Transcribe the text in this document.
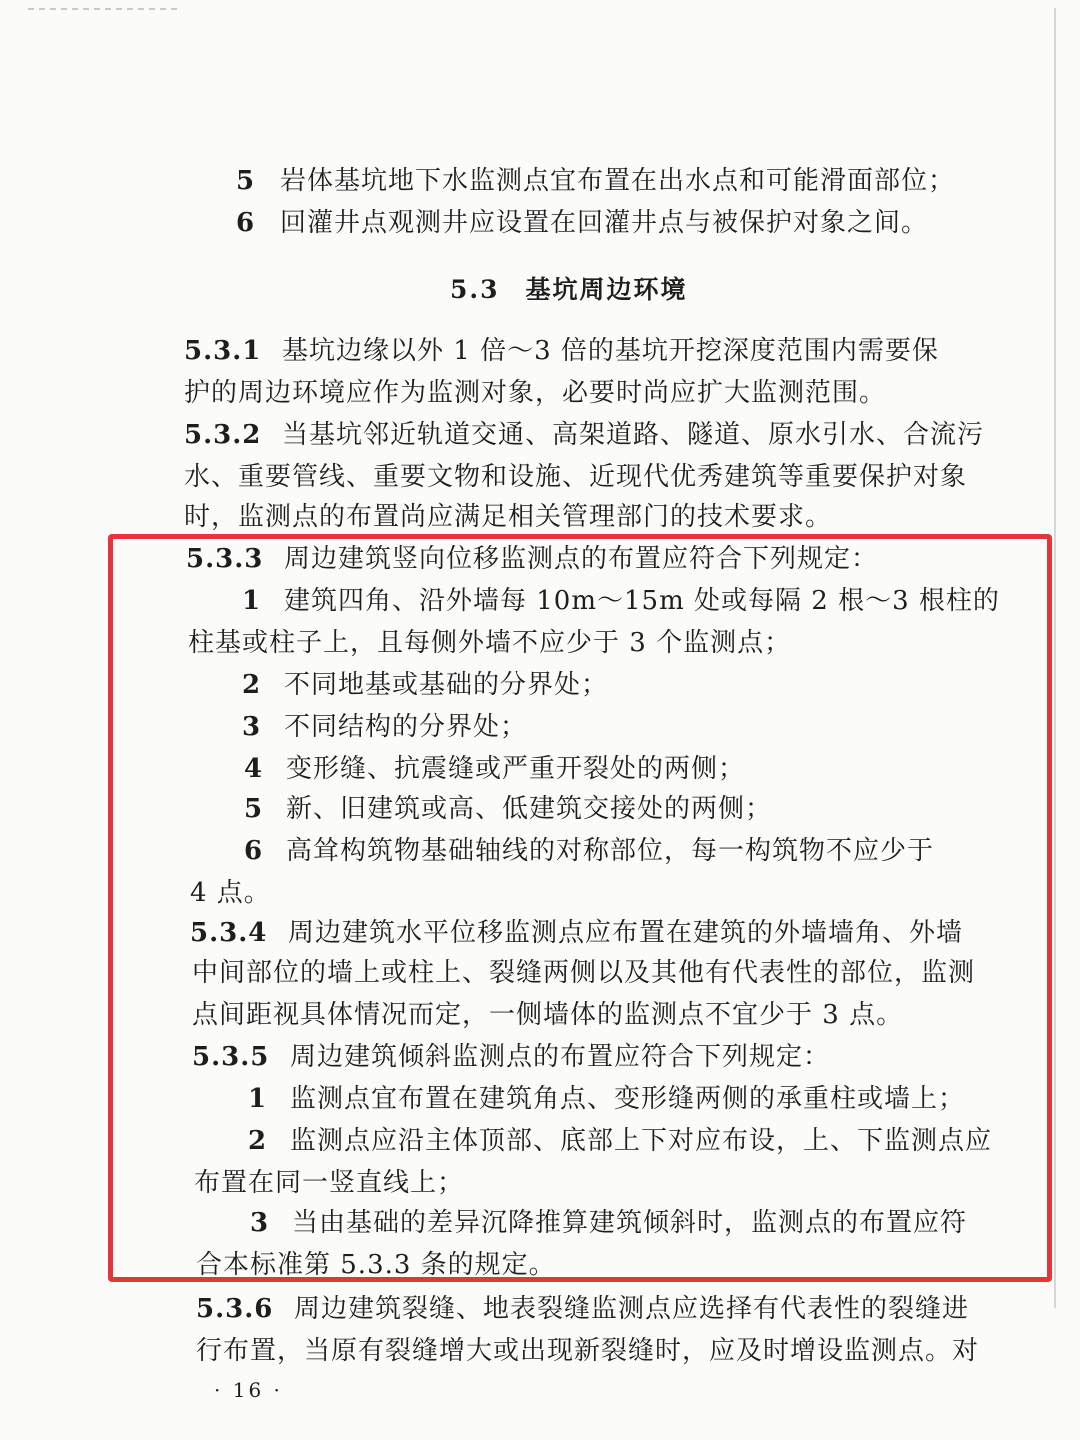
5 岩体基坑地下水监测点宜布置在出水点和可能滑面部位；
6 回灌井点观测井应设置在回灌井点与被保护对象之间。
5.3 基坑周边环境
5.3.1 基坑边缘以外 1 倍～3 倍的基坑开挖深度范围内需要保
护的周边环境应作为监测对象，必要时尚应扩大监测范围。
5.3.2 当基坑邻近轨道交通、高架道路、隧道、原水引水、合流污
水、重要管线、重要文物和设施、近现代优秀建筑等重要保护对象
时，监测点的布置尚应满足相关管理部门的技术要求。
5.3.3 周边建筑竖向位移监测点的布置应符合下列规定：
1 建筑四角、沿外墙每 10m～15m 处或每隔 2 根～3 根柱的
柱基或柱子上，且每侧外墙不应少于 3 个监测点；
2 不同地基或基础的分界处；
3 不同结构的分界处；
4 变形缝、抗震缝或严重开裂处的两侧；
5 新、旧建筑或高、低建筑交接处的两侧；
6 高耸构筑物基础轴线的对称部位，每一构筑物不应少于
4 点。
5.3.4 周边建筑水平位移监测点应布置在建筑的外墙墙角、外墙
中间部位的墙上或柱上、裂缝两侧以及其他有代表性的部位，监测
点间距视具体情况而定，一侧墙体的监测点不宜少于 3 点。
5.3.5 周边建筑倾斜监测点的布置应符合下列规定：
1 监测点宜布置在建筑角点、变形缝两侧的承重柱或墙上；
2 监测点应沿主体顶部、底部上下对应布设，上、下监测点应
布置在同一竖直线上；
3 当由基础的差异沉降推算建筑倾斜时，监测点的布置应符
合本标准第 5.3.3 条的规定。
5.3.6 周边建筑裂缝、地表裂缝监测点应选择有代表性的裂缝进
行布置，当原有裂缝增大或出现新裂缝时，应及时增设监测点。对
· 16 ·
